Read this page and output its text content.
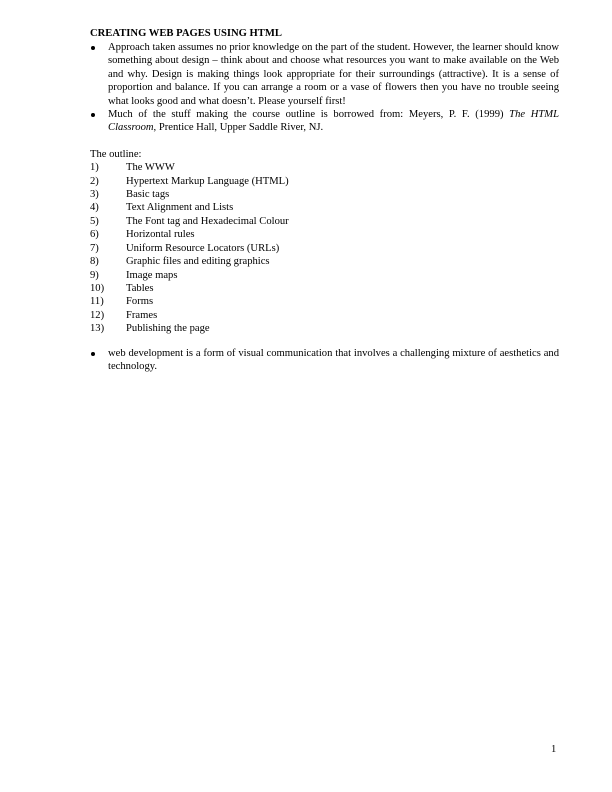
CREATING WEB PAGES USING HTML
Approach taken assumes no prior knowledge on the part of the student. However, the learner should know something about design – think about and choose what resources you want to make available on the Web and why. Design is making things look appropriate for their surroundings (attractive). It is a sense of proportion and balance. If you can arrange a room or a vase of flowers then you have no trouble seeing what looks good and what doesn’t. Please yourself first!
Much of the stuff making the course outline is borrowed from: Meyers, P. F. (1999) The HTML Classroom, Prentice Hall, Upper Saddle River, NJ.
The outline:
1)	The WWW
2)	Hypertext Markup Language (HTML)
3)	Basic tags
4)	Text Alignment and Lists
5)	The Font tag and Hexadecimal Colour
6)	Horizontal rules
7)	Uniform Resource Locators (URLs)
8)	Graphic files and editing graphics
9)	Image maps
10)	Tables
11)	Forms
12)	Frames
13)	Publishing the page
web development is a form of visual communication that involves a challenging mixture of aesthetics and technology.
1
